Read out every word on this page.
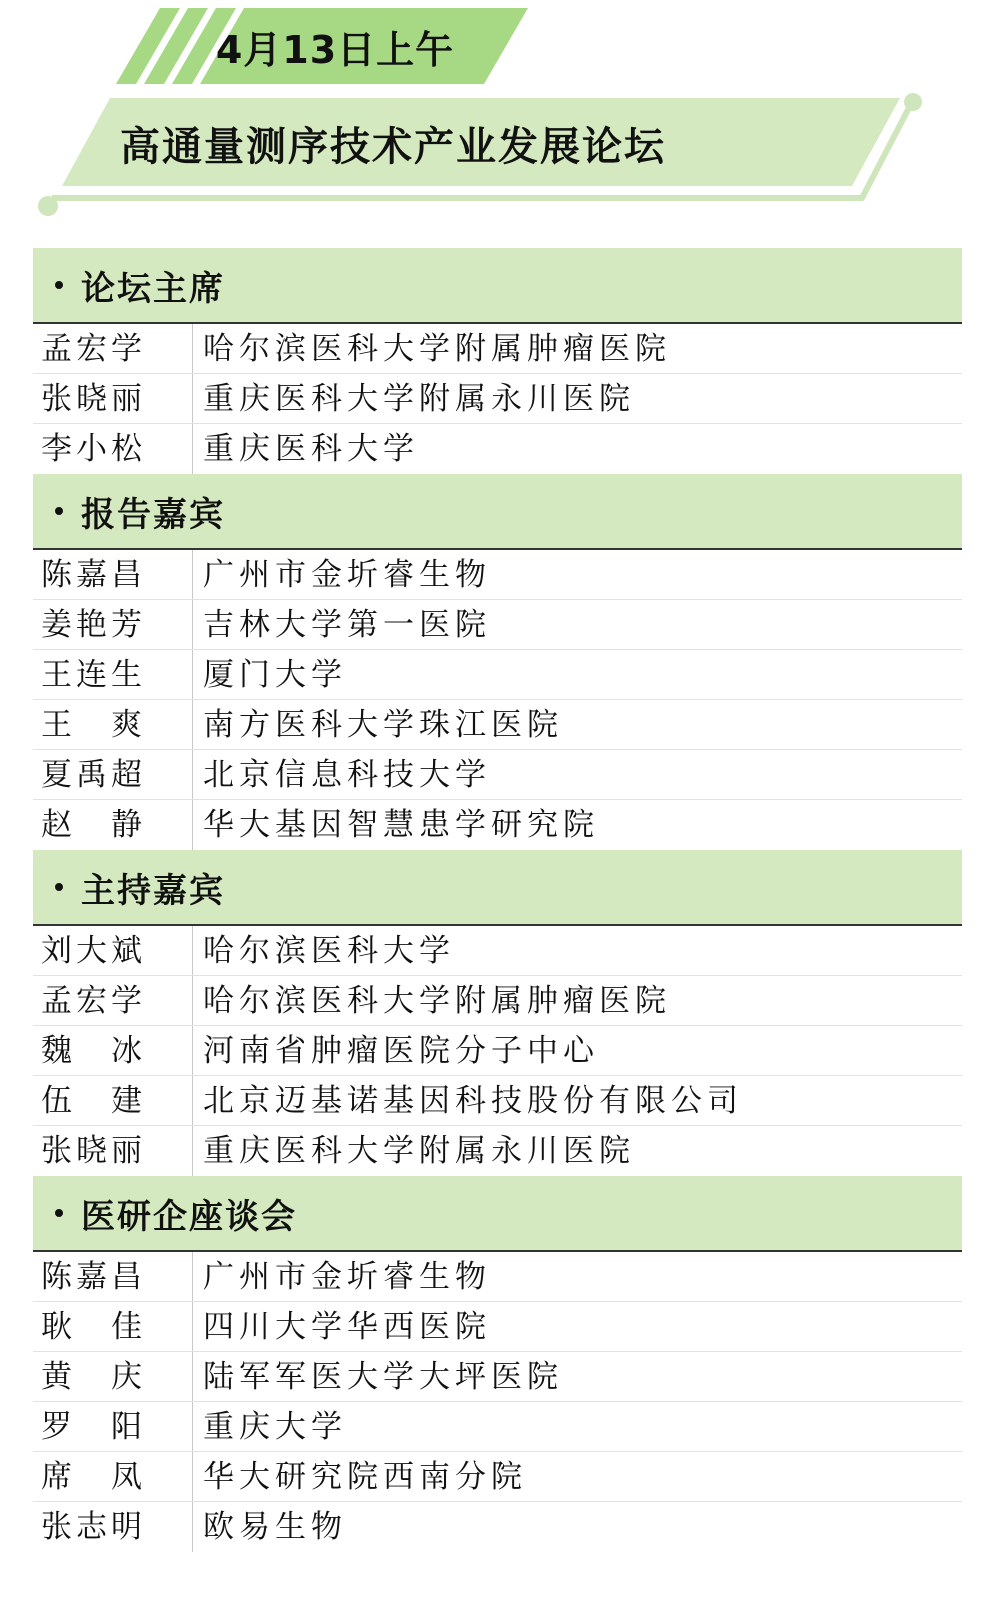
4月13日上午
高通量测序技术产业发展论坛
论坛主席
孟宏学	哈尔滨医科大学附属肿瘤医院
张晓丽	重庆医科大学附属永川医院
李小松	重庆医科大学
报告嘉宾
陈嘉昌	广州市金圻睿生物
姜艳芳	吉林大学第一医院
王连生	厦门大学
王　爽	南方医科大学珠江医院
夏禹超	北京信息科技大学
赵　静	华大基因智慧患学研究院
主持嘉宾
刘大斌	哈尔滨医科大学
孟宏学	哈尔滨医科大学附属肿瘤医院
魏　冰	河南省肿瘤医院分子中心
伍　建	北京迈基诺基因科技股份有限公司
张晓丽	重庆医科大学附属永川医院
医研企座谈会
陈嘉昌	广州市金圻睿生物
耿　佳	四川大学华西医院
黄　庆	陆军军医大学大坪医院
罗　阳	重庆大学
席　凤	华大研究院西南分院
张志明	欧易生物
